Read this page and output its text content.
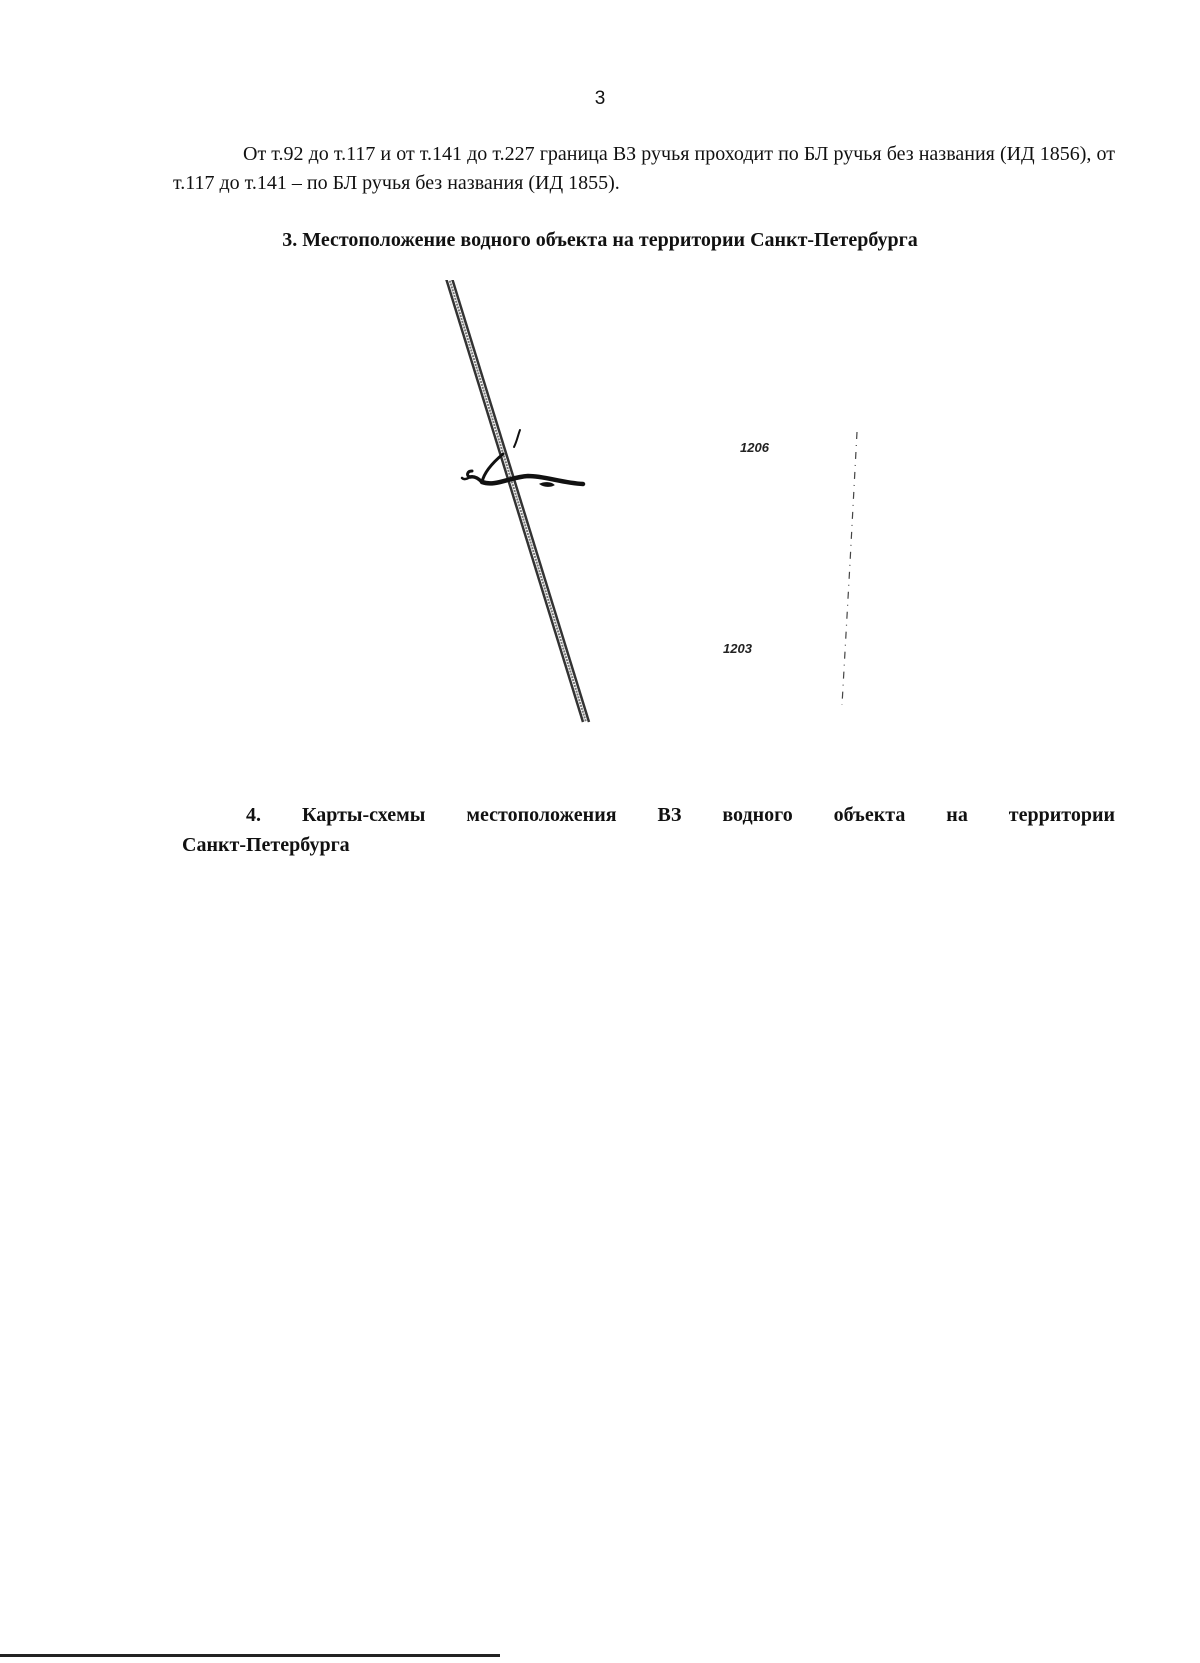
3
От т.92 до т.117 и от т.141 до т.227 граница ВЗ ручья проходит по БЛ ручья без названия (ИД 1856), от т.117 до т.141 – по БЛ ручья без названия (ИД 1855).
3. Местоположение водного объекта на территории Санкт-Петербурга
1206
1203
4. Карты-схемы местоположения ВЗ водного объекта на территории
Санкт-Петербурга
